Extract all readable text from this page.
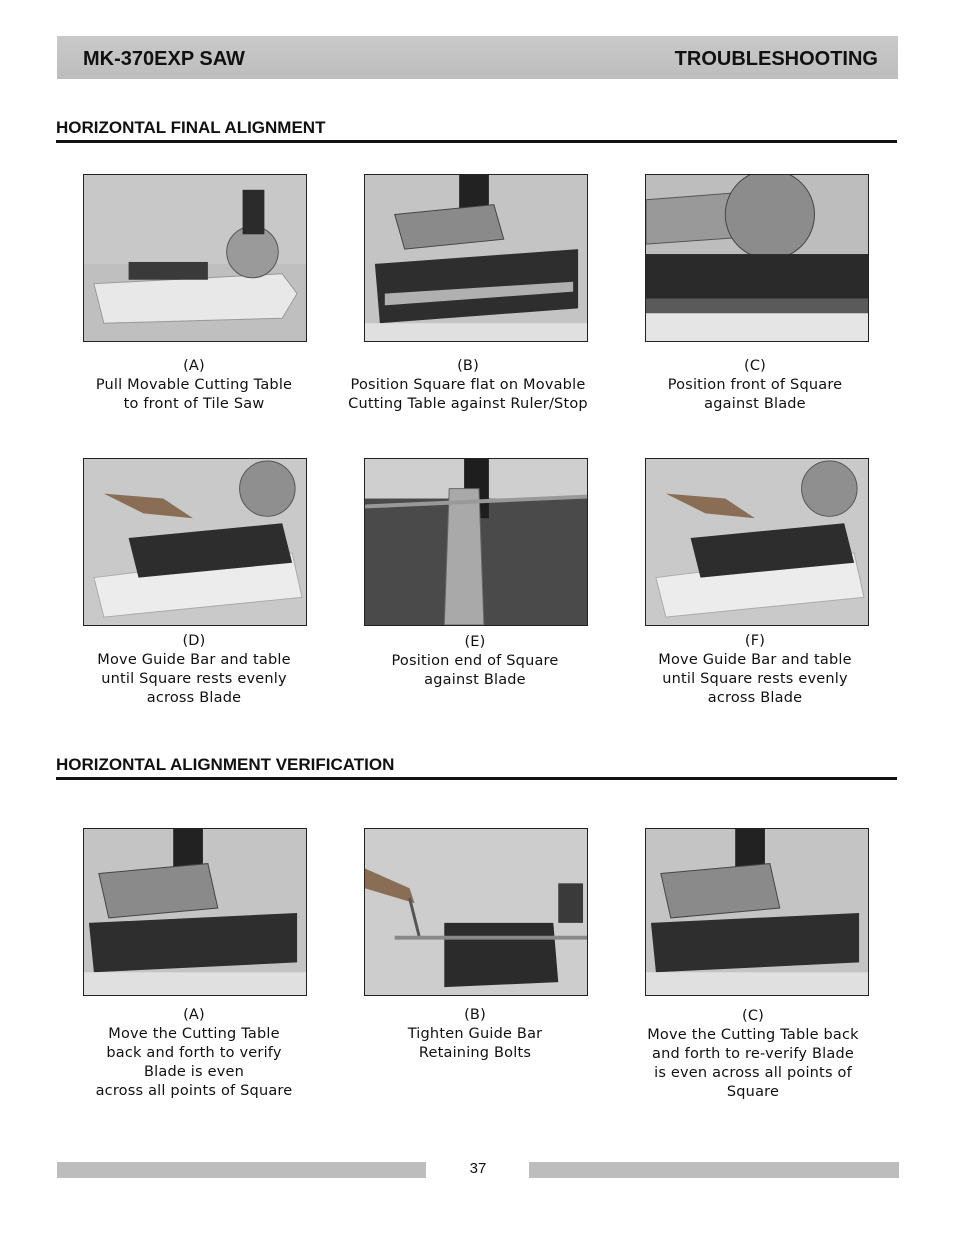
MK-370EXP SAW	TROUBLESHOOTING
HORIZONTAL FINAL ALIGNMENT
(A)
Pull Movable Cutting Table
to front of Tile Saw
(B)
Position Square flat on Movable
Cutting Table against Ruler/Stop
(C)
Position front of Square
against Blade
(D)
Move Guide Bar and table
until Square rests evenly
across Blade
(E)
Position end of Square
against Blade
(F)
Move Guide Bar and table
until Square rests evenly
across Blade
HORIZONTAL ALIGNMENT VERIFICATION
(A)
Move the Cutting Table
back and forth to verify
Blade is even
across all points of Square
(B)
Tighten Guide Bar
Retaining Bolts
(C)
Move the Cutting Table back
and forth to re-verify Blade
is even across all points of
Square
37
